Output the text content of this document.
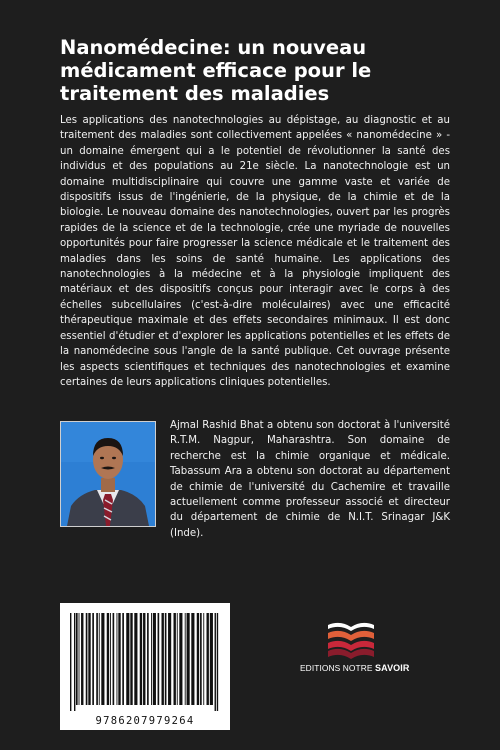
Nanomédecine: un nouveau médicament efficace pour le traitement des maladies

Les applications des nanotechnologies au dépistage, au diagnostic et au traitement des maladies sont collectivement appelées « nanomédecine » - un domaine émergent qui a le potentiel de révolutionner la santé des individus et des populations au 21e siècle. La nanotechnologie est un domaine multidisciplinaire qui couvre une gamme vaste et variée de dispositifs issus de l'ingénierie, de la physique, de la chimie et de la biologie. Le nouveau domaine des nanotechnologies, ouvert par les progrès rapides de la science et de la technologie, crée une myriade de nouvelles opportunités pour faire progresser la science médicale et le traitement des maladies dans les soins de santé humaine. Les applications des nanotechnologies à la médecine et à la physiologie impliquent des matériaux et des dispositifs conçus pour interagir avec le corps à des échelles subcellulaires (c'est-à-dire moléculaires) avec une efficacité thérapeutique maximale et des effets secondaires minimaux. Il est donc essentiel d'étudier et d'explorer les applications potentielles et les effets de la nanomédecine sous l'angle de la santé publique. Cet ouvrage présente les aspects scientifiques et techniques des nanotechnologies et examine certaines de leurs applications cliniques potentielles.

Ajmal Rashid Bhat a obtenu son doctorat à l'université R.T.M. Nagpur, Maharashtra. Son domaine de recherche est la chimie organique et médicale. Tabassum Ara a obtenu son doctorat au département de chimie de l'université du Cachemire et travaille actuellement comme professeur associé et directeur du département de chimie de N.I.T. Srinagar J&K (Inde).

9786207979264
EDITIONS NOTRE SAVOIR
